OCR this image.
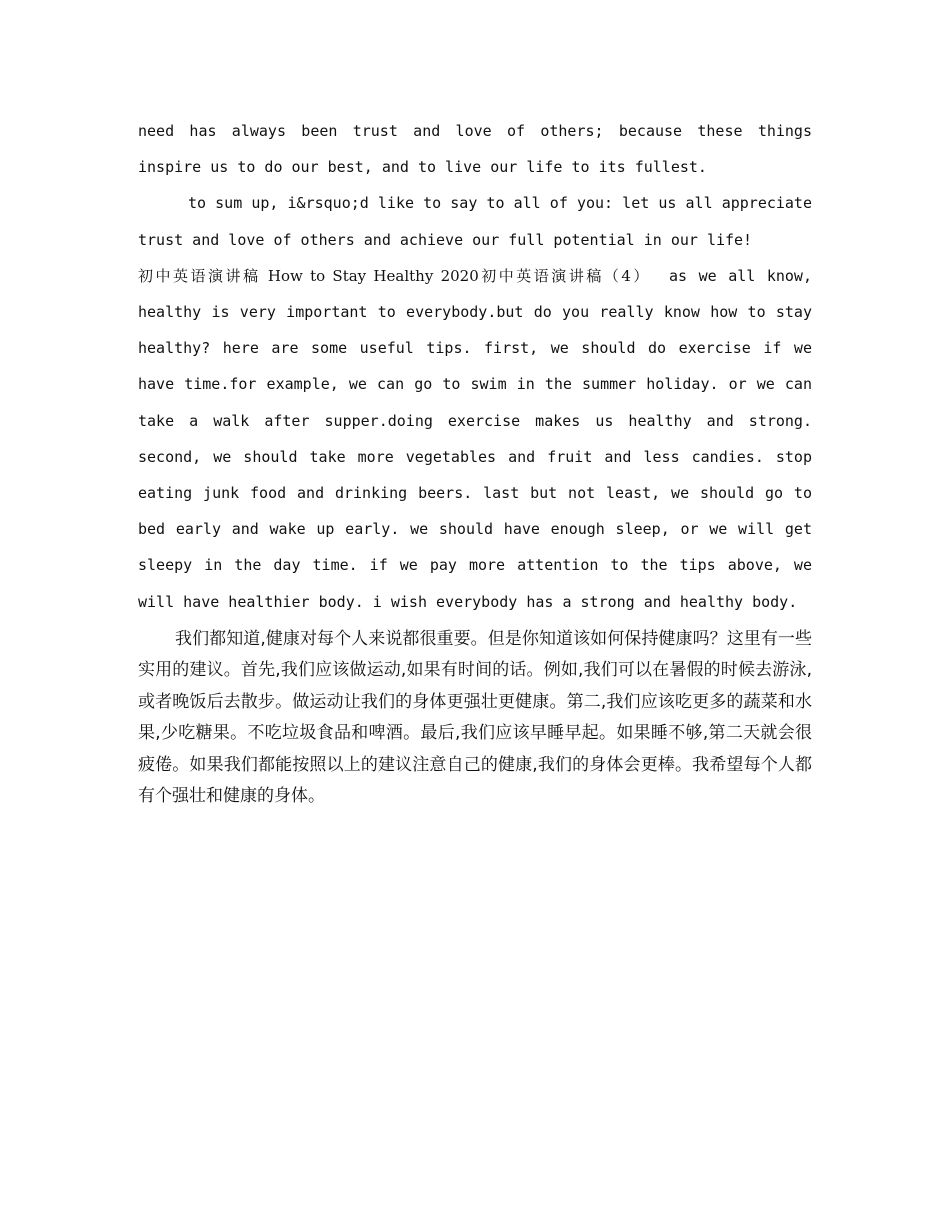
need has always been trust and love of others; because these things inspire us to do our best, and to live our life to its fullest.

to sum up, i&rsquo;d like to say to all of you: let us all appreciate trust and love of others and achieve our full potential in our life!

初中英语演讲稿 How to Stay Healthy 2020初中英语演讲稿（4）   as we all know, healthy is very important to everybody.but do you really know how to stay healthy? here are some useful tips. first, we should do exercise if we have time.for example, we can go to swim in the summer holiday. or we can take a walk after supper.doing exercise makes us healthy and strong. second, we should take more vegetables and fruit and less candies. stop eating junk food and drinking beers. last but not least, we should go to bed early and wake up early. we should have enough sleep, or we will get sleepy in the day time. if we pay more attention to the tips above, we will have healthier body. i wish everybody has a strong and healthy body.

我们都知道,健康对每个人来说都很重要。但是你知道该如何保持健康吗？这里有一些实用的建议。首先,我们应该做运动,如果有时间的话。例如,我们可以在暑假的时候去游泳,或者晚饭后去散步。做运动让我们的身体更强壮更健康。第二,我们应该吃更多的蔬菜和水果,少吃糖果。不吃垃圾食品和啤酒。最后,我们应该早睡早起。如果睡不够,第二天就会很疲倦。如果我们都能按照以上的建议注意自己的健康,我们的身体会更棒。我希望每个人都有个强壮和健康的身体。
